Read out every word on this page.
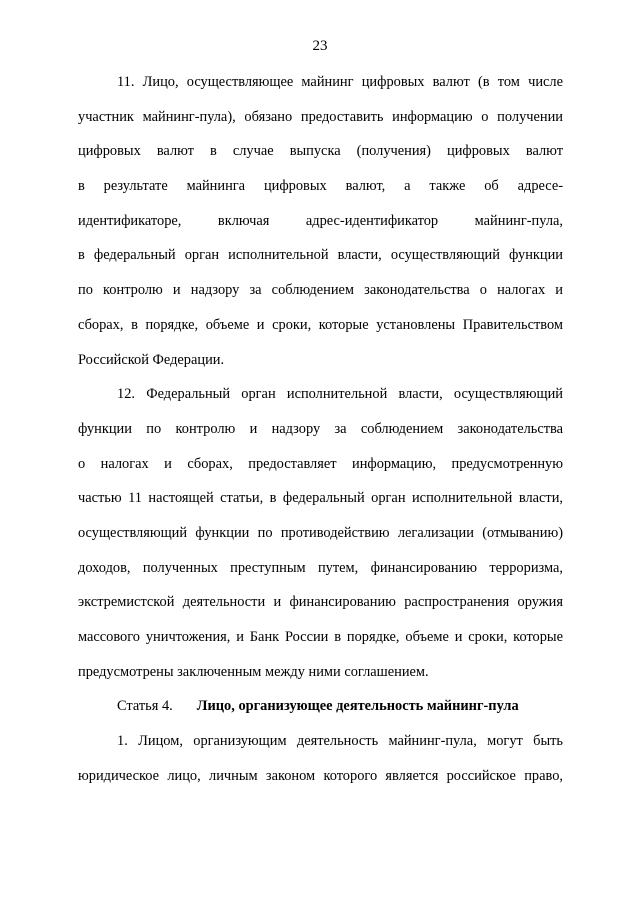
23
11. Лицо, осуществляющее майнинг цифровых валют (в том числе
участник майнинг-пула), обязано предоставить информацию о получении
цифровых валют в случае выпуска (получения) цифровых валют
в результате майнинга цифровых валют, а также об адресе-
идентификаторе, включая адрес-идентификатор майнинг-пула,
в федеральный орган исполнительной власти, осуществляющий функции
по контролю и надзору за соблюдением законодательства о налогах и
сборах, в порядке, объеме и сроки, которые установлены Правительством
Российской Федерации.
12. Федеральный орган исполнительной власти, осуществляющий
функции по контролю и надзору за соблюдением законодательства
о налогах и сборах, предоставляет информацию, предусмотренную
частью 11 настоящей статьи, в федеральный орган исполнительной власти,
осуществляющий функции по противодействию легализации (отмыванию)
доходов, полученных преступным путем, финансированию терроризма,
экстремистской деятельности и финансированию распространения оружия
массового уничтожения, и Банк России в порядке, объеме и сроки, которые
предусмотрены заключенным между ними соглашением.
Статья 4. Лицо, организующее деятельность майнинг-пула
1. Лицом, организующим деятельность майнинг-пула, могут быть
юридическое лицо, личным законом которого является российское право,
